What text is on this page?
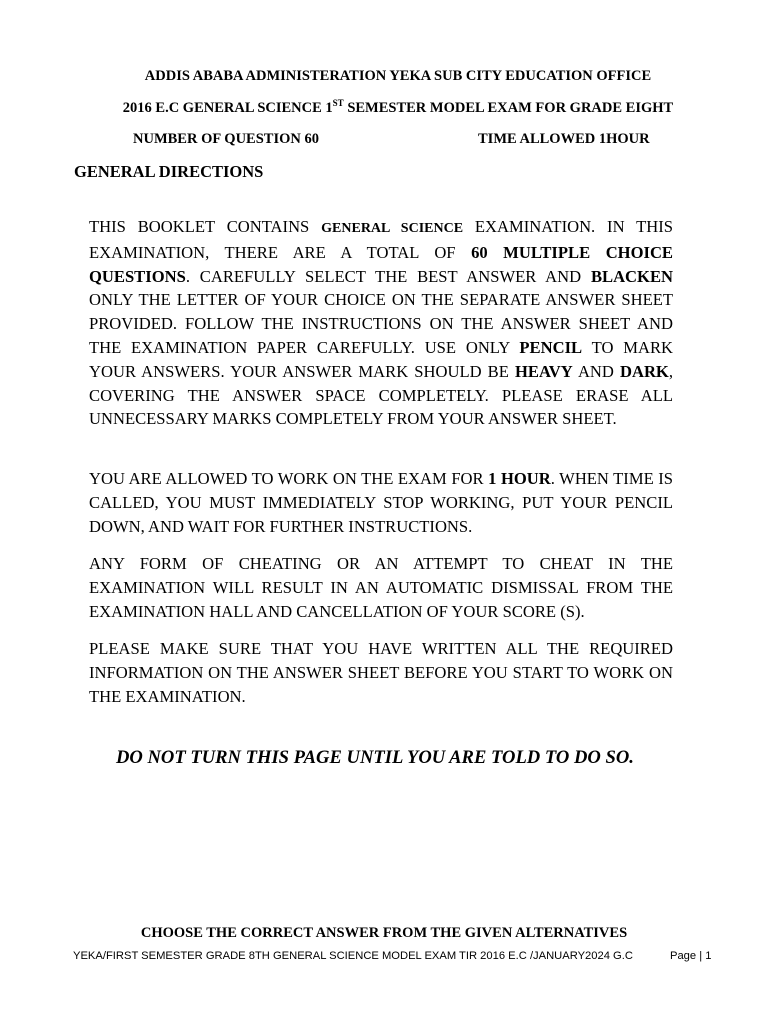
ADDIS ABABA ADMINISTERATION YEKA SUB CITY EDUCATION OFFICE
2016 E.C GENERAL SCIENCE 1ST SEMESTER MODEL EXAM FOR GRADE EIGHT
NUMBER OF QUESTION 60	TIME ALLOWED 1HOUR
GENERAL DIRECTIONS
THIS BOOKLET CONTAINS GENERAL SCIENCE EXAMINATION. IN THIS EXAMINATION, THERE ARE A TOTAL OF 60 MULTIPLE CHOICE QUESTIONS. CAREFULLY SELECT THE BEST ANSWER AND BLACKEN ONLY THE LETTER OF YOUR CHOICE ON THE SEPARATE ANSWER SHEET PROVIDED. FOLLOW THE INSTRUCTIONS ON THE ANSWER SHEET AND THE EXAMINATION PAPER CAREFULLY. USE ONLY PENCIL TO MARK YOUR ANSWERS. YOUR ANSWER MARK SHOULD BE HEAVY AND DARK, COVERING THE ANSWER SPACE COMPLETELY. PLEASE ERASE ALL UNNECESSARY MARKS COMPLETELY FROM YOUR ANSWER SHEET.
YOU ARE ALLOWED TO WORK ON THE EXAM FOR 1 HOUR. WHEN TIME IS CALLED, YOU MUST IMMEDIATELY STOP WORKING, PUT YOUR PENCIL DOWN, AND WAIT FOR FURTHER INSTRUCTIONS.
ANY FORM OF CHEATING OR AN ATTEMPT TO CHEAT IN THE EXAMINATION WILL RESULT IN AN AUTOMATIC DISMISSAL FROM THE EXAMINATION HALL AND CANCELLATION OF YOUR SCORE (S).
PLEASE MAKE SURE THAT YOU HAVE WRITTEN ALL THE REQUIRED INFORMATION ON THE ANSWER SHEET BEFORE YOU START TO WORK ON THE EXAMINATION.
DO NOT TURN THIS PAGE UNTIL YOU ARE TOLD TO DO SO.
CHOOSE THE CORRECT ANSWER FROM THE GIVEN ALTERNATIVES
YEKA/FIRST SEMESTER GRADE 8TH GENERAL SCIENCE MODEL EXAM TIR 2016 E.C /JANUARY2024 G.C	Page | 1
